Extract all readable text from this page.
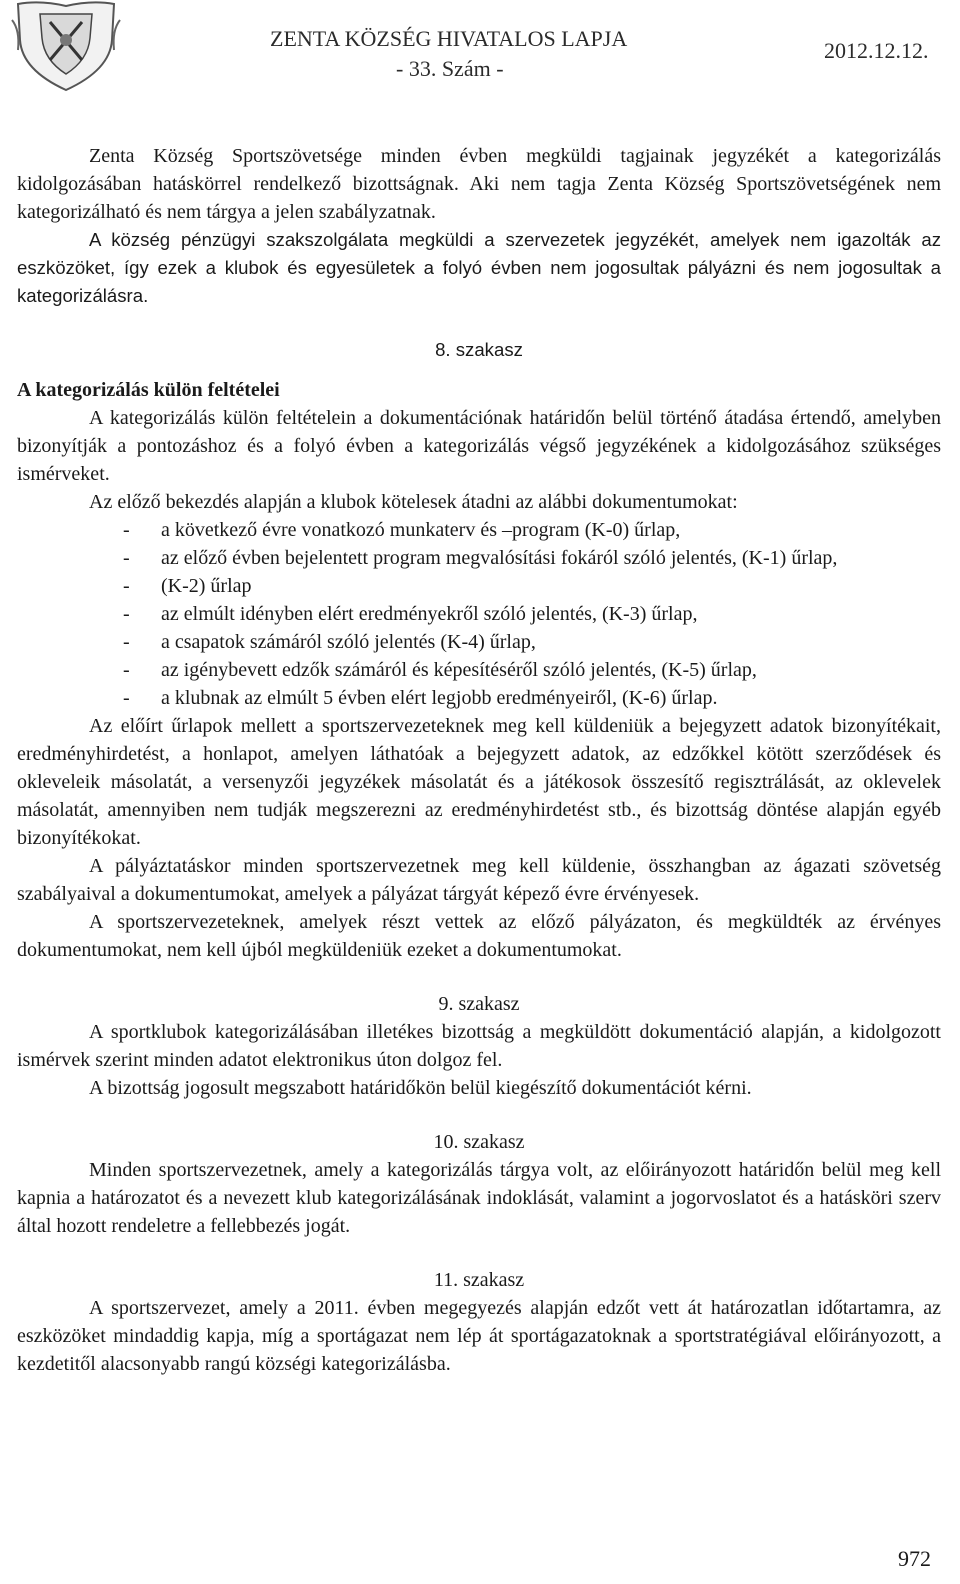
ZENTA KÖZSÉG HIVATALOS LAPJA
- 33. Szám -
2012.12.12.

Zenta Község Sportszövetsége minden évben megküldi tagjainak jegyzékét a kategorizálás kidolgozásában hatáskörrel rendelkező bizottságnak. Aki nem tagja Zenta Község Sportszövetségének nem kategorizálható és nem tárgya a jelen szabályzatnak.

A község pénzügyi szakszolgálata megküldi a szervezetek jegyzékét, amelyek nem igazolták az eszközöket, így ezek a klubok és egyesületek a folyó évben nem jogosultak pályázni és nem jogosultak a kategorizálásra.

8. szakasz

A kategorizálás külön feltételei

A kategorizálás külön feltételein a dokumentációnak határidőn belül történő átadása értendő, amelyben bizonyítják a pontozáshoz és a folyó évben a kategorizálás végső jegyzékének a kidolgozásához szükséges ismérveket.

Az előző bekezdés alapján a klubok kötelesek átadni az alábbi dokumentumokat:

- a következő évre vonatkozó munkaterv és –program (K-0) űrlap,
- az előző évben bejelentett program megvalósítási fokáról szóló jelentés, (K-1) űrlap,
- (K-2) űrlap
- az elmúlt idényben elért eredményekről szóló jelentés, (K-3) űrlap,
- a csapatok számáról szóló jelentés (K-4) űrlap,
- az igénybevett edzők számáról és képesítéséről szóló jelentés, (K-5) űrlap,
- a klubnak az elmúlt 5 évben elért legjobb eredményeiről, (K-6) űrlap.

Az előírt űrlapok mellett a sportszervezeteknek meg kell küldeniük a bejegyzett adatok bizonyítékait, eredményhirdetést, a honlapot, amelyen láthatóak a bejegyzett adatok, az edzőkkel kötött szerződések és okleveleik másolatát, a versenyzői jegyzékek másolatát és a játékosok összesítő regisztrálását, az oklevelek másolatát, amennyiben nem tudják megszerezni az eredményhirdetést stb., és bizottság döntése alapján egyéb bizonyítékokat.

A pályáztatáskor minden sportszervezetnek meg kell küldenie, összhangban az ágazati szövetség szabályaival a dokumentumokat, amelyek a pályázat tárgyát képező évre érvényesek.

A sportszervezeteknek, amelyek részt vettek az előző pályázaton, és megküldték az érvényes dokumentumokat, nem kell újból megküldeniük ezeket a dokumentumokat.

9. szakasz

A sportklubok kategorizálásában illetékes bizottság a megküldött dokumentáció alapján, a kidolgozott ismérvek szerint minden adatot elektronikus úton dolgoz fel.

A bizottság jogosult megszabott határidőkön belül kiegészítő dokumentációt kérni.

10. szakasz

Minden sportszervezetnek, amely a kategorizálás tárgya volt, az előirányozott határidőn belül meg kell kapnia a határozatot és a nevezett klub kategorizálásának indoklását, valamint a jogorvoslatot és a hatásköri szerv által hozott rendeletre a fellebbezés jogát.

11. szakasz

A sportszervezet, amely a 2011. évben megegyezés alapján edzőt vett át határozatlan időtartamra, az eszközöket mindaddig kapja, míg a sportágazat nem lép át sportágazatoknak a sportstratégiával előirányozott, a kezdetitől alacsonyabb rangú községi kategorizálásba.

972
